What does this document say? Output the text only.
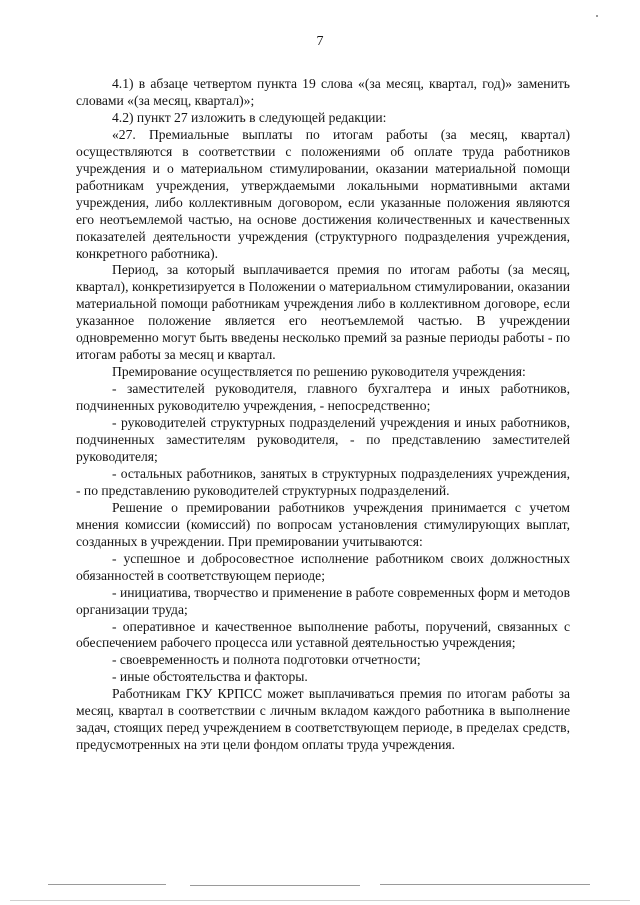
7

4.1) в абзаце четвертом пункта 19 слова «(за месяц, квартал, год)» заменить словами «(за месяц, квартал)»;

4.2) пункт 27 изложить в следующей редакции:

«27. Премиальные выплаты по итогам работы (за месяц, квартал) осуществляются в соответствии с положениями об оплате труда работников учреждения и о материальном стимулировании, оказании материальной помощи работникам учреждения, утверждаемыми локальными нормативными актами учреждения, либо коллективным договором, если указанные положения являются его неотъемлемой частью, на основе достижения количественных и качественных показателей деятельности учреждения (структурного подразделения учреждения, конкретного работника).

Период, за который выплачивается премия по итогам работы (за месяц, квартал), конкретизируется в Положении о материальном стимулировании, оказании материальной помощи работникам учреждения либо в коллективном договоре, если указанное положение является его неотъемлемой частью. В учреждении одновременно могут быть введены несколько премий за разные периоды работы - по итогам работы за месяц и квартал.

Премирование осуществляется по решению руководителя учреждения:

- заместителей руководителя, главного бухгалтера и иных работников, подчиненных руководителю учреждения, - непосредственно;

- руководителей структурных подразделений учреждения и иных работников, подчиненных заместителям руководителя, - по представлению заместителей руководителя;

- остальных работников, занятых в структурных подразделениях учреждения, - по представлению руководителей структурных подразделений.

Решение о премировании работников учреждения принимается с учетом мнения комиссии (комиссий) по вопросам установления стимулирующих выплат, созданных в учреждении. При премировании учитываются:

- успешное и добросовестное исполнение работником своих должностных обязанностей в соответствующем периоде;

- инициатива, творчество и применение в работе современных форм и методов организации труда;

- оперативное и качественное выполнение работы, поручений, связанных с обеспечением рабочего процесса или уставной деятельностью учреждения;

- своевременность и полнота подготовки отчетности;

- иные обстоятельства и факторы.

Работникам ГКУ КРПСС может выплачиваться премия по итогам работы за месяц, квартал в соответствии с личным вкладом каждого работника в выполнение задач, стоящих перед учреждением в соответствующем периоде, в пределах средств, предусмотренных на эти цели фондом оплаты труда учреждения.
